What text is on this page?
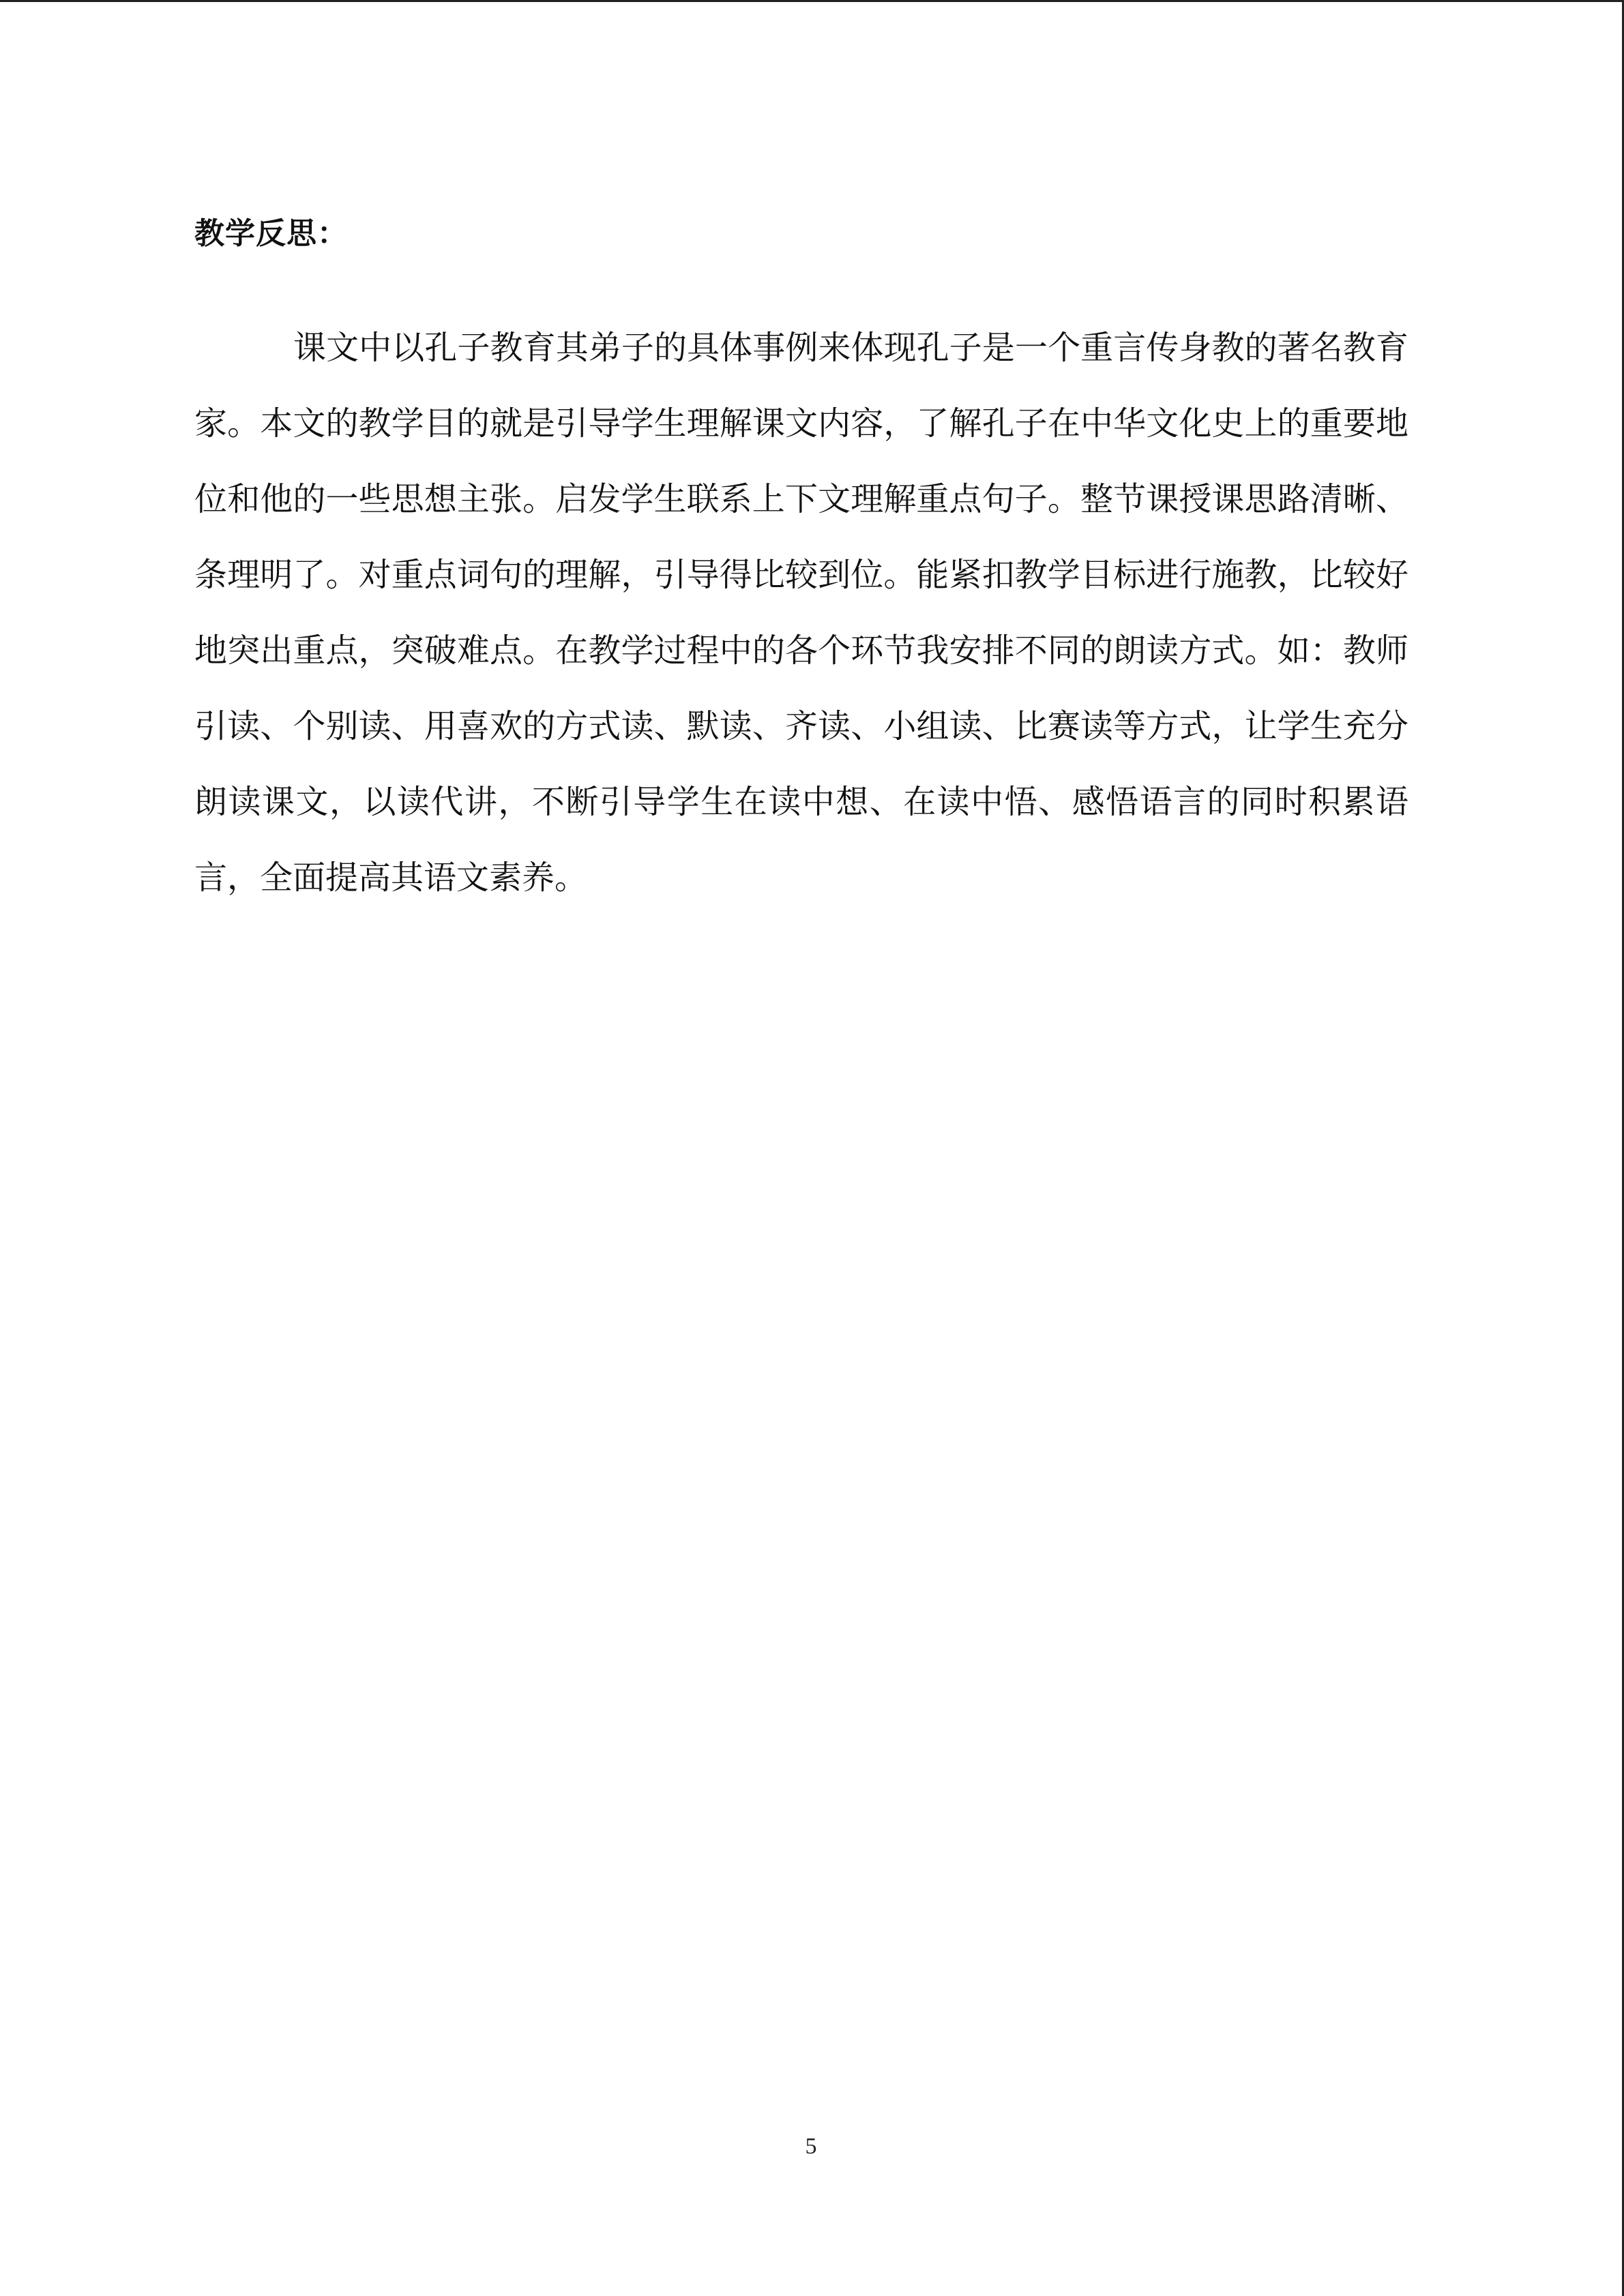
教学反思：

课文中以孔子教育其弟子的具体事例来体现孔子是一个重言传身教的著名教育家。本文的教学目的就是引导学生理解课文内容，了解孔子在中华文化史上的重要地位和他的一些思想主张。启发学生联系上下文理解重点句子。整节课授课思路清晰、条理明了。对重点词句的理解，引导得比较到位。能紧扣教学目标进行施教，比较好地突出重点，突破难点。在教学过程中的各个环节我安排不同的朗读方式。如：教师引读、个别读、用喜欢的方式读、默读、齐读、小组读、比赛读等方式，让学生充分朗读课文，以读代讲，不断引导学生在读中想、在读中悟、感悟语言的同时积累语言，全面提高其语文素养。

5
